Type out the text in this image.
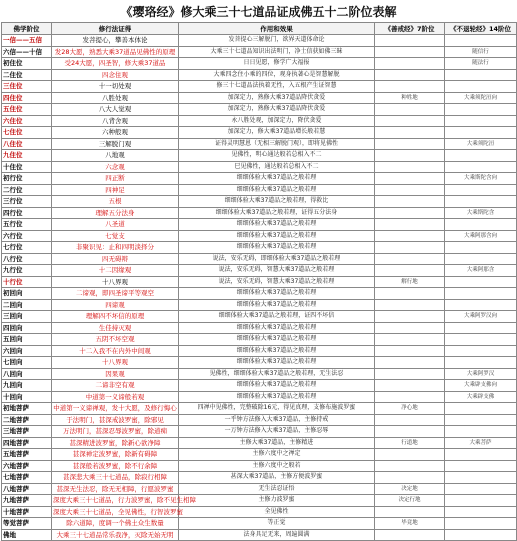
《璎珞经》修大乘三十七道品证成佛五十二阶位表解
佛学阶位	修行法证得	作用和效果	《善戒经》7阶位	《不退轮经》14阶位
一信——五信	发菩提心，攀善本体论	发菩提心三解脱门，欲界天道体命论		
六信——十信	发28大愿，熟悉大乘37道品见佛性的原理	大乘三十七道品知识出法明门，净土信获如佛三昧		随信行
初住位	受24大愿，四圣智，修大乘37道品	日日见愿，修学广大福报		随法行
二住位	四念住观	大乘四念住小乘的四位，观身执著心是智慧解脱		
三住位	十一切处观	修三十七道品法执着无性，入五根产生证智慧		
四住位	八胜处观	加深定力，熟修大乘37道品降伏贪爱	种姓地	大乘须陀洹向
五住位	八大人觉观	加深定力，熟修大乘37道品降伏贪爱		
六住位	八背舍观	永八胜处观，加深定力，降伏贪爱		
七住位	六种般观	加深定力，修大乘37道品增长般若慧		
八住位	三解脱门观	证得灵明慧恩（无相三解脱门观），即将见佛性		大乘须陀洹
九住位	八地观	见佛性，明心通达般若总相入不二		
十住位	六念观	巳见佛性，通达般若总相入不二		
初行位	四正断	细细体验大乘37道品之般若理		大乘斯陀含向
二行位	四神足	细细体验大乘37道品之般若理		
三行位	五根	细细体验大乘37道品之般若理，得救比		
四行位	理解五分法身	细细体验大乘37道品之般若理，证得五分法身		大乘斯陀含
五行位	八圣道	细细体验大乘37道品之般若理		
六行位	七觉支	细细体验大乘37道品之般若理		大乘阿那含向
七行位	非聚识见：止和四明淡择分	细细体验大乘37道品之般若理		
八行位	四无碍辩	说法，安乐无碍，即细体验大乘37道品之般若理		
九行位	十二因缘观	说法，安乐无碍，智慧大乘37道品之般若理		大乘阿那含
十行位	十八界观	说法，安乐无碍，智慧大乘37道品之般若理	解行地	
初回向	二谛观，即四圣谛平等观空	细细体验大乘37道品之般若理		
二回向	四谛观	细细体验大乘37道品之般若理		
三回向	理解四不坏信的原理	细细体验大乘37道品之般若理，证四不坏信		大乘阿罗汉向
四回向	生佳持灭观	细细体验大乘37道品之般若理		
五回向	五阴不坏空观	细细体验大乘37道品之般若理		
六回向	十二入我不在内外中间观	细细体验大乘37道品之般若理		
七回向	十八界观	细细体验大乘37道品之般若理		
八回向	因果观	见佛性，细细体验大乘37道品之般若理，无生法忍		大乘阿罗汉
九回向	二谛非空有观	细细体验大乘37道品之般若理		大乘辟支佛向
十回向	中道第一义谛般若观	细细体验大乘37道品之般若理		大乘辟支佛
初地菩萨	中道第一义谛禅观，发十大愿，及修行悔心	四禅中见佛性，完整破除16元，得见真理，支修布施波罗蜜	净心地	
二地菩萨	于法明门，甚深戒波罗蜜，除邪见	一乎钟方法修入大乘37道品，主修持戒		
三地菩萨	万法明门，甚深忍辱波罗蜜，除道痴	一万钟方法修入大乘37道品，主修忍辱		
四地菩萨	甚深精进波罗蜜，除新心欲净障	主修大乘37道品，主修精进	行道地	大乘菩萨
五地菩萨	甚深禅定波罗蜜，除新有碍障	主修六度中之禅定		
六地菩萨	甚深般若波罗蜜，除不行余障	主修六度中之般若		
七地菩萨	甚深悲大乘三十七道品，除寂行相障	甚深大乘37道品，主修方便波罗蜜		
八地菩萨	甚深无生法忍，除无无相障，行愿波罗蜜	无生法忍证悟	决定地	
九地菩萨	深度大乘三十七道品，行力波罗蜜，除不见生相障	主修力波罗蜜	决定行地	
十地菩萨	深度大乘三十七道品，全见佛性，行智波罗蜜	全见佛性		
等觉菩萨	除六道障，度调一个佛土众生数量	等正觉	毕竟地	
佛地	大乘三十七道品常乐我净，灭除无始无明	法身具足无来，周遍圆满		
